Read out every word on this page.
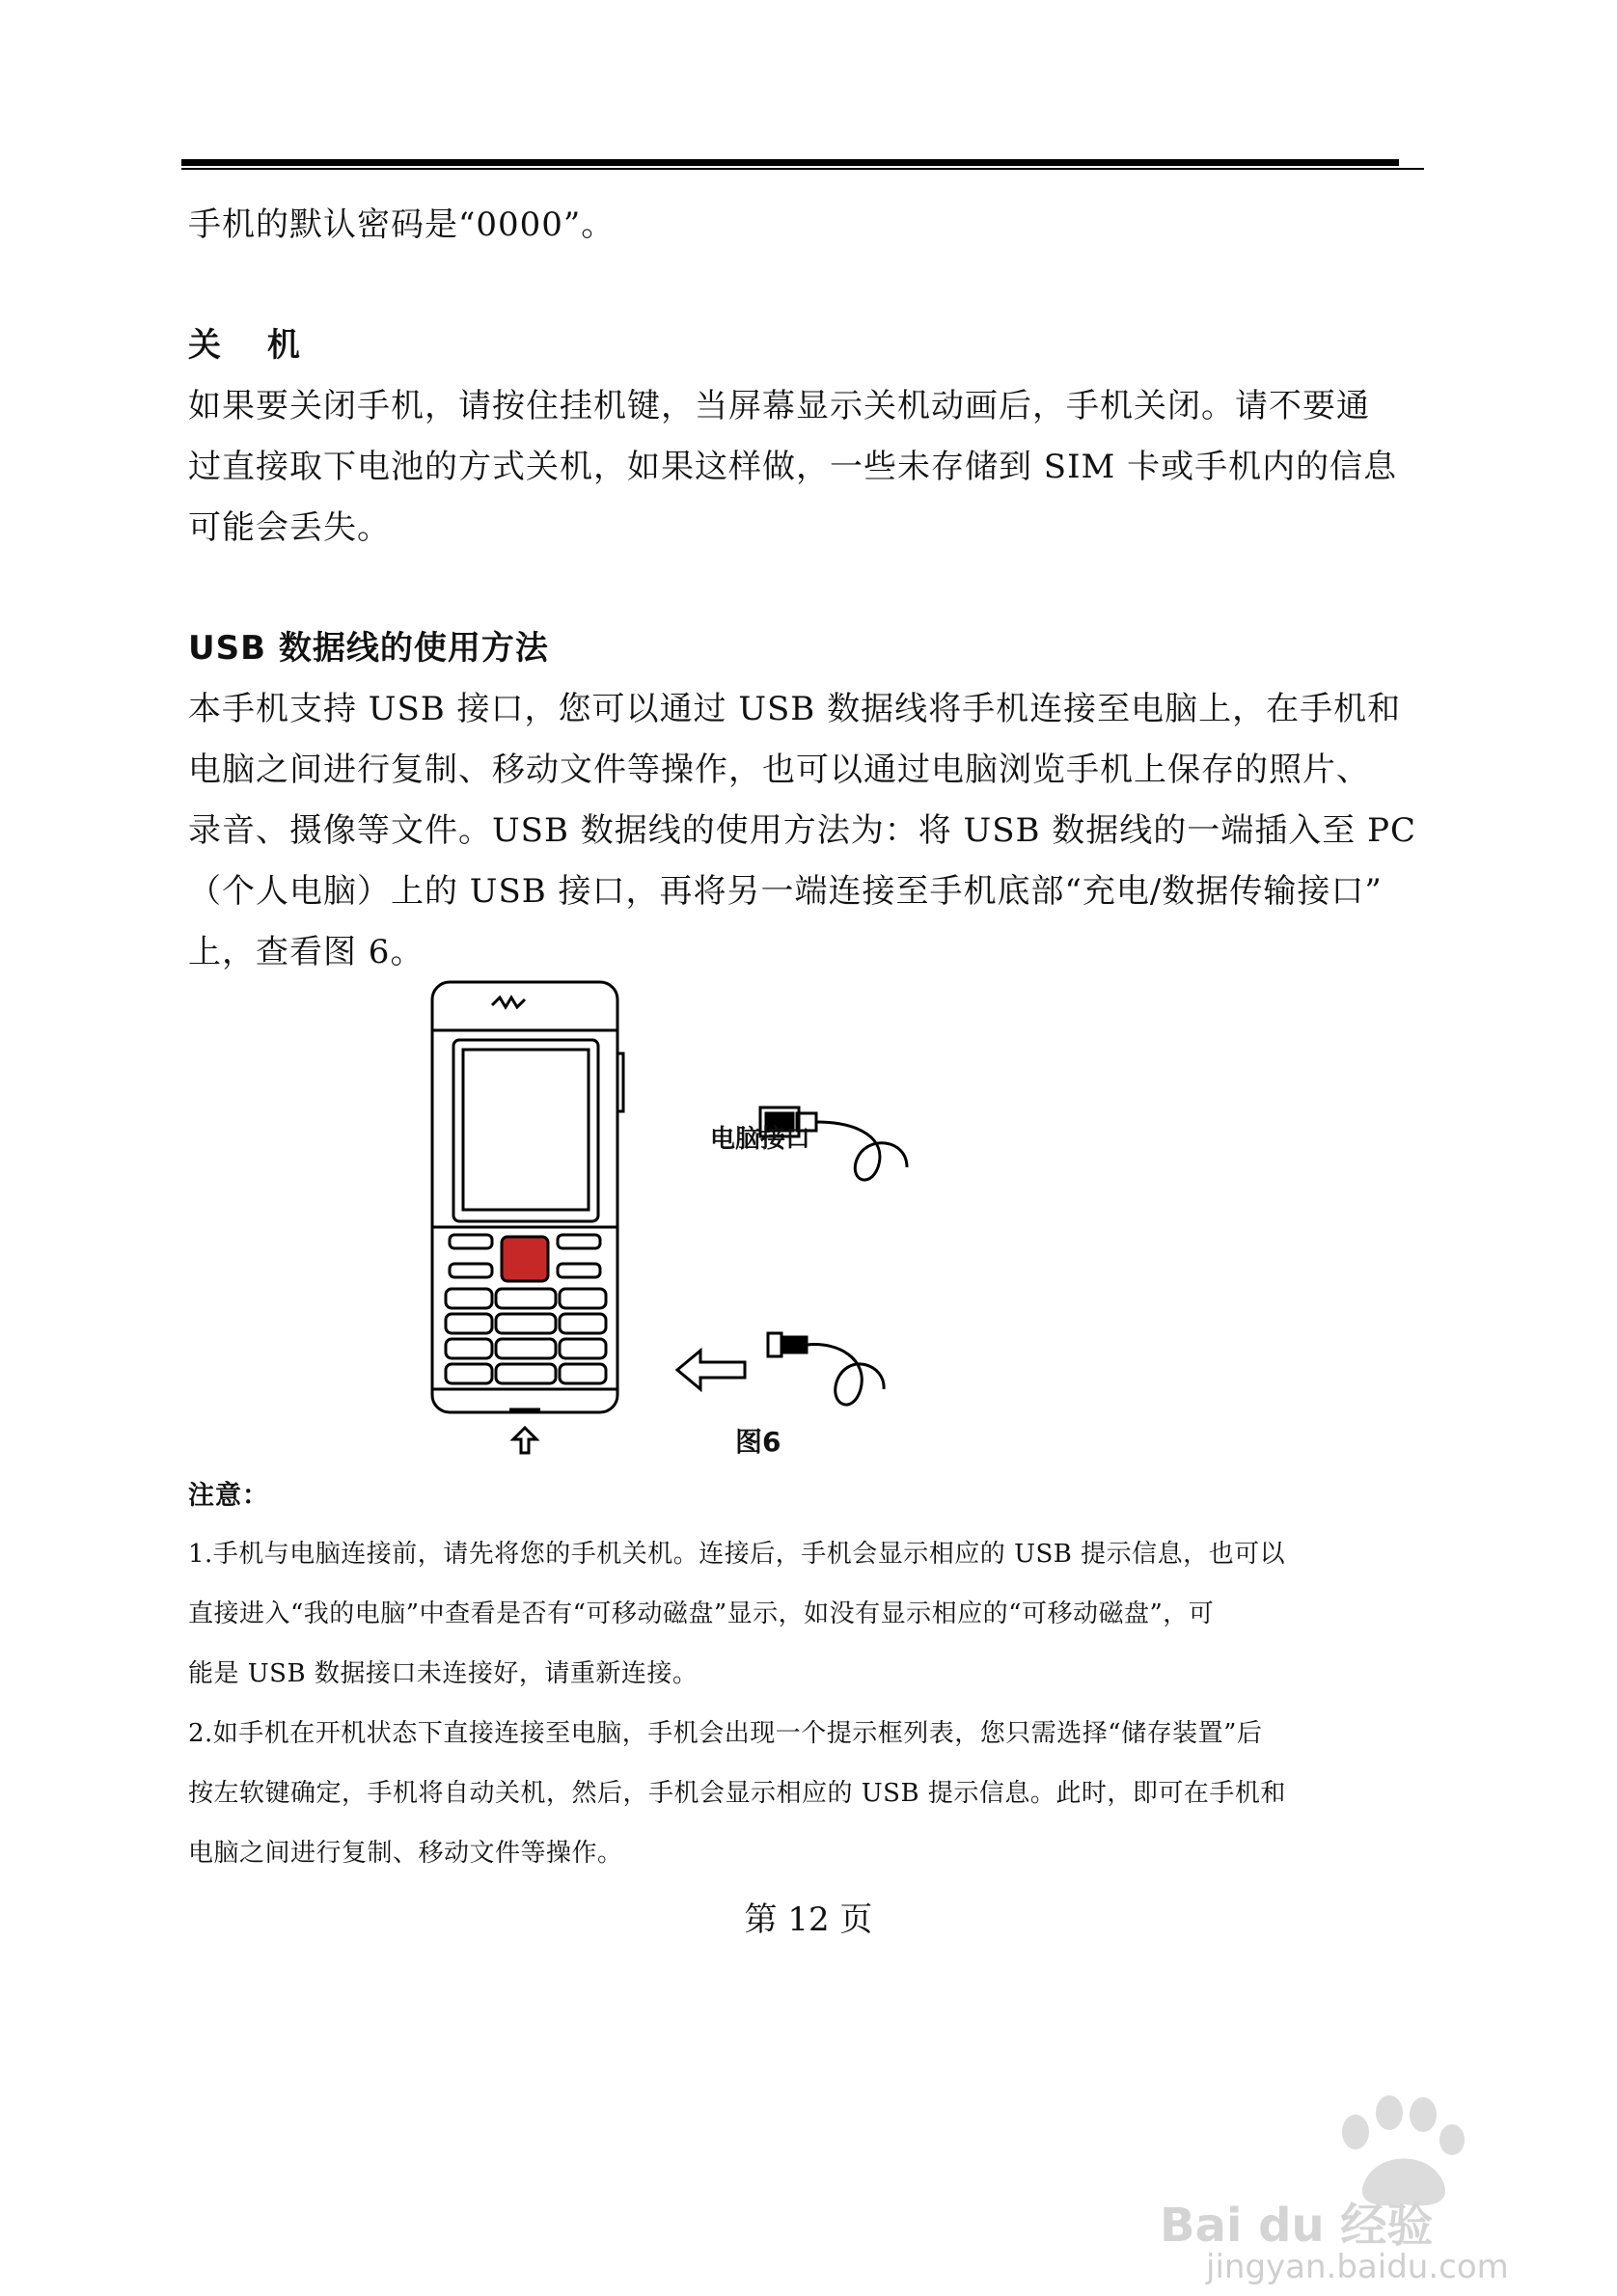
手机的默认密码是“0000”。
关 机
如果要关闭手机，请按住挂机键，当屏幕显示关机动画后，手机关闭。请不要通
过直接取下电池的方式关机，如果这样做，一些未存储到 SIM 卡或手机内的信息
可能会丢失。
USB 数据线的使用方法
本手机支持 USB 接口，您可以通过 USB 数据线将手机连接至电脑上，在手机和
电脑之间进行复制、移动文件等操作，也可以通过电脑浏览手机上保存的照片、
录音、摄像等文件。USB 数据线的使用方法为：将 USB 数据线的一端插入至 PC
（个人电脑）上的 USB 接口，再将另一端连接至手机底部“充电/数据传输接口”
上，查看图 6。
电脑接口
图6
注意：
1.手机与电脑连接前，请先将您的手机关机。连接后，手机会显示相应的 USB 提示信息，也可以
直接进入“我的电脑”中查看是否有“可移动磁盘”显示，如没有显示相应的“可移动磁盘”，可
能是 USB 数据接口未连接好，请重新连接。
2.如手机在开机状态下直接连接至电脑，手机会出现一个提示框列表，您只需选择“储存装置”后
按左软键确定，手机将自动关机，然后，手机会显示相应的 USB 提示信息。此时，即可在手机和
电脑之间进行复制、移动文件等操作。
第 12 页
Bai du 经验
jingyan.baidu.com
